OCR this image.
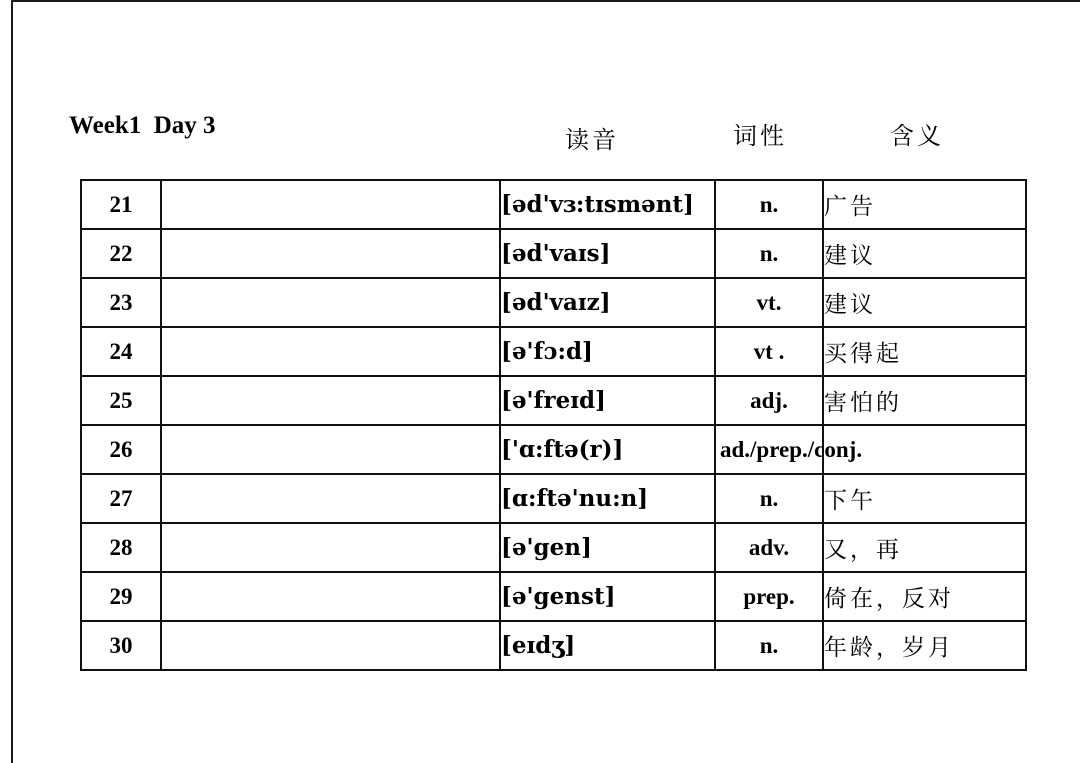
Week1  Day 3
读音	词性	含义
21		[əd'vɜ:tɪsmənt]	n.	广告
22		[əd'vaɪs]	n.	建议
23		[əd'vaɪz]	vt.	建议
24		[ə'fɔ:d]	vt .	买得起
25		[ə'freɪd]	adj.	害怕的
26		['ɑ:ftə(r)]	ad./prep./conj.	
27		[ɑ:ftə'nu:n]	n.	下午
28		[ə'gen]	adv.	又，再
29		[ə'genst]	prep.	倚在，反对
30		[eɪdʒ]	n.	年龄，岁月
